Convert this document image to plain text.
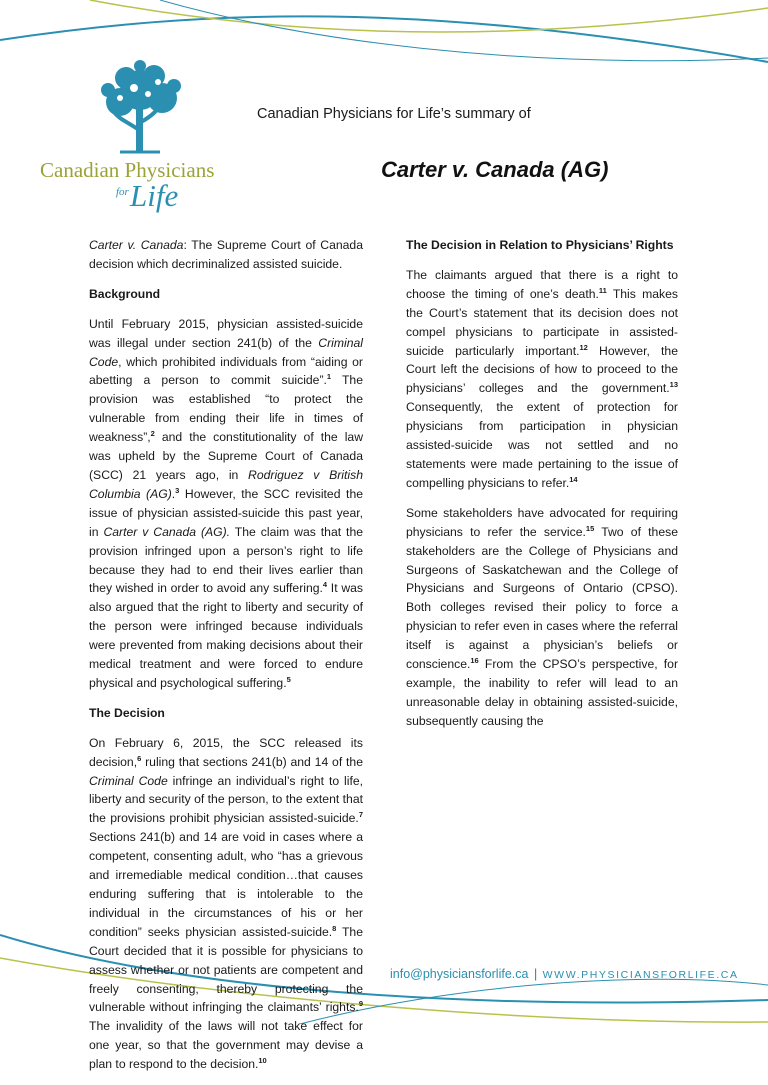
Canadian Physicians
for Life
Canadian Physicians for Life’s summary of
Carter v. Canada (AG)

Carter v. Canada: The Supreme Court of Canada decision which decriminalized assisted suicide.

Background

Until February 2015, physician assisted-suicide was illegal under section 241(b) of the Criminal Code, which prohibited individuals from “aiding or abetting a person to commit suicide”.$^1$ The provision was established “to protect the vulnerable from ending their life in times of weakness”,$^2$ and the constitutionality of the law was upheld by the Supreme Court of Canada (SCC) 21 years ago, in Rodriguez v British Columbia (AG).$^3$ However, the SCC revisited the issue of physician assisted-suicide this past year, in Carter v Canada (AG). The claim was that the provision infringed upon a person’s right to life because they had to end their lives earlier than they wished in order to avoid any suffering.$^4$ It was also argued that the right to liberty and security of the person were infringed because individuals were prevented from making decisions about their medical treatment and were forced to endure physical and psychological suffering.$^5$

The Decision

On February 6, 2015, the SCC released its decision,$^6$ ruling that sections 241(b) and 14 of the Criminal Code infringe an individual’s right to life, liberty and security of the person, to the extent that the provisions prohibit physician assisted-suicide.$^7$ Sections 241(b) and 14 are void in cases where a competent, consenting adult, who “has a grievous and irremediable medical condition…that causes enduring suffering that is intolerable to the individual in the circumstances of his or her condition” seeks physician assisted-suicide.$^8$ The Court decided that it is possible for physicians to assess whether or not patients are competent and freely consenting, thereby protecting the vulnerable without infringing the claimants’ rights.$^9$ The invalidity of the laws will not take effect for one year, so that the government may devise a plan to respond to the decision.$^{10}$

The Decision in Relation to Physicians’ Rights

The claimants argued that there is a right to choose the timing of one’s death.$^{11}$ This makes the Court’s statement that its decision does not compel physicians to participate in assisted-suicide particularly important.$^{12}$ However, the Court left the decisions of how to proceed to the physicians’ colleges and the government.$^{13}$ Consequently, the extent of protection for physicians from participation in physician assisted-suicide was not settled and no statements were made pertaining to the issue of compelling physicians to refer.$^{14}$

Some stakeholders have advocated for requiring physicians to refer the service.$^{15}$ Two of these stakeholders are the College of Physicians and Surgeons of Saskatchewan and the College of Physicians and Surgeons of Ontario (CPSO). Both colleges revised their policy to force a physician to refer even in cases where the referral itself is against a physician’s beliefs or conscience.$^{16}$ From the CPSO’s perspective, for example, the inability to refer will lead to an unreasonable delay in obtaining assisted-suicide, subsequently causing the

info@physiciansforlife.ca | WWW.PHYSICIANSFORLIFE.CA
